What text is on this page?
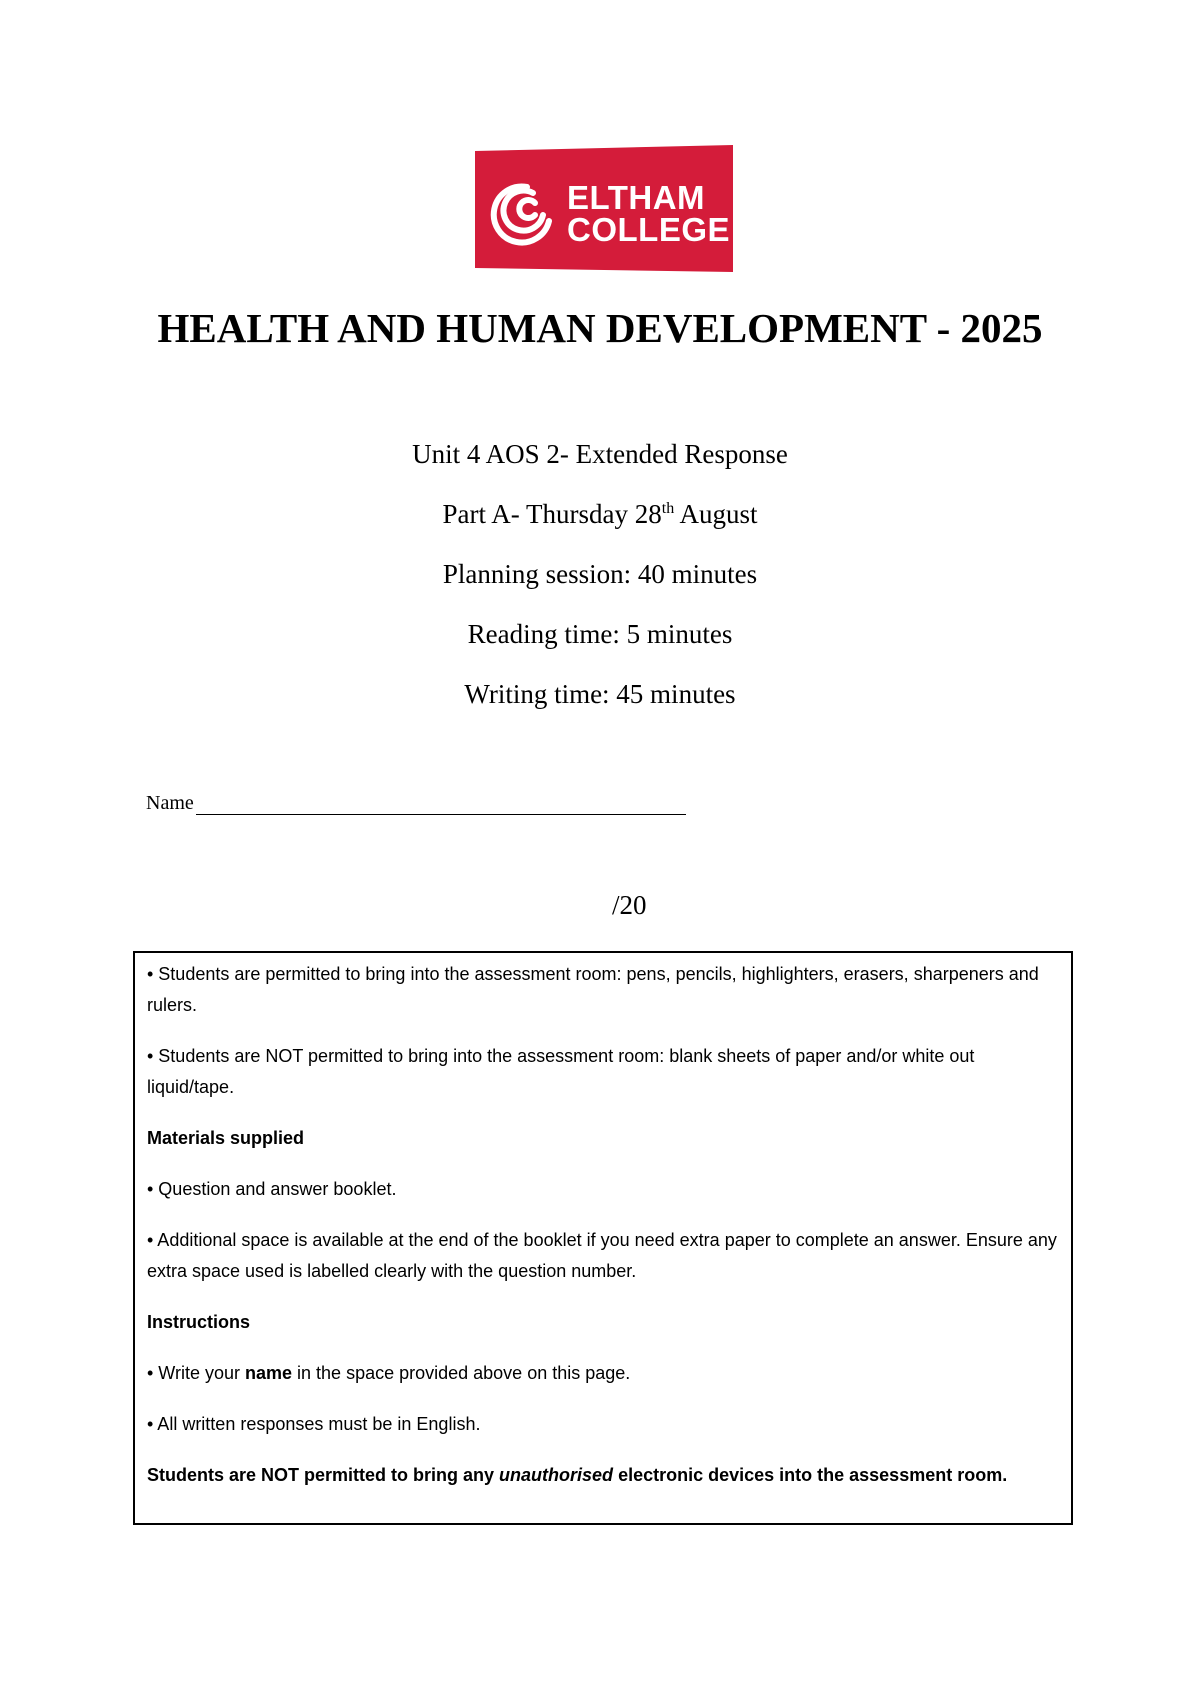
ELTHAM
COLLEGE
HEALTH AND HUMAN DEVELOPMENT - 2025
Unit 4 AOS 2- Extended Response
Part A- Thursday 28th August
Planning session: 40 minutes
Reading time: 5 minutes
Writing time: 45 minutes
Name
/20

• Students are permitted to bring into the assessment room: pens, pencils, highlighters, erasers, sharpeners and rulers.

• Students are NOT permitted to bring into the assessment room: blank sheets of paper and/or white out liquid/tape.

Materials supplied

• Question and answer booklet.

• Additional space is available at the end of the booklet if you need extra paper to complete an answer. Ensure any extra space used is labelled clearly with the question number.

Instructions

• Write your name in the space provided above on this page.

• All written responses must be in English.

Students are NOT permitted to bring any unauthorised electronic devices into the assessment room.
